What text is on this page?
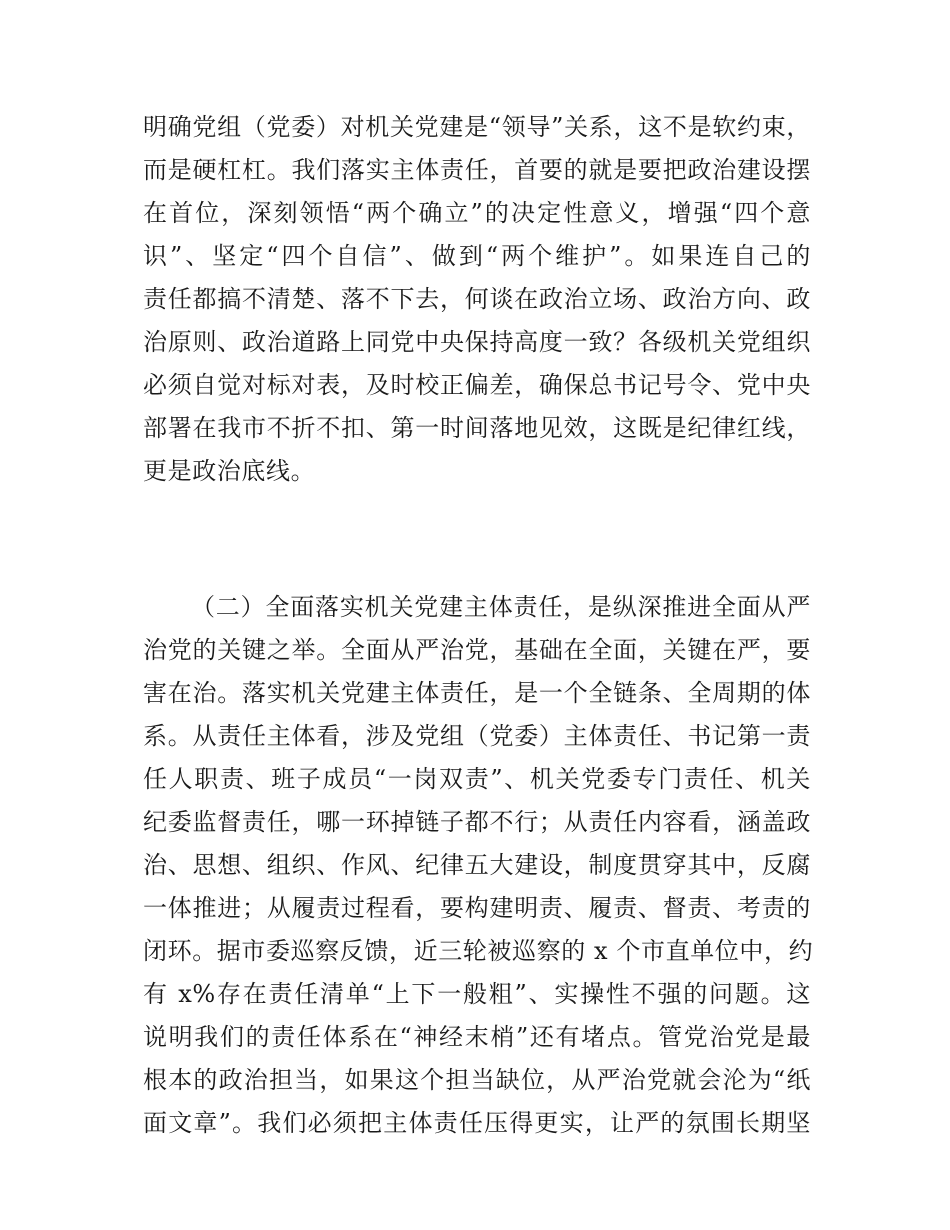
明确党组（党委）对机关党建是“领导”关系，这不是软约束，
而是硬杠杠。我们落实主体责任，首要的就是要把政治建设摆
在首位，深刻领悟“两个确立”的决定性意义，增强“四个意
识”、坚定“四个自信”、做到“两个维护”。如果连自己的
责任都搞不清楚、落不下去，何谈在政治立场、政治方向、政
治原则、政治道路上同党中央保持高度一致？各级机关党组织
必须自觉对标对表，及时校正偏差，确保总书记号令、党中央
部署在我市不折不扣、第一时间落地见效，这既是纪律红线，
更是政治底线。
（二）全面落实机关党建主体责任，是纵深推进全面从严
治党的关键之举。全面从严治党，基础在全面，关键在严，要
害在治。落实机关党建主体责任，是一个全链条、全周期的体
系。从责任主体看，涉及党组（党委）主体责任、书记第一责
任人职责、班子成员“一岗双责”、机关党委专门责任、机关
纪委监督责任，哪一环掉链子都不行；从责任内容看，涵盖政
治、思想、组织、作风、纪律五大建设，制度贯穿其中，反腐
一体推进；从履责过程看，要构建明责、履责、督责、考责的
闭环。据市委巡察反馈，近三轮被巡察的 x 个市直单位中，约
有 x%存在责任清单“上下一般粗”、实操性不强的问题。这
说明我们的责任体系在“神经末梢”还有堵点。管党治党是最
根本的政治担当，如果这个担当缺位，从严治党就会沦为“纸
面文章”。我们必须把主体责任压得更实，让严的氛围长期坚
